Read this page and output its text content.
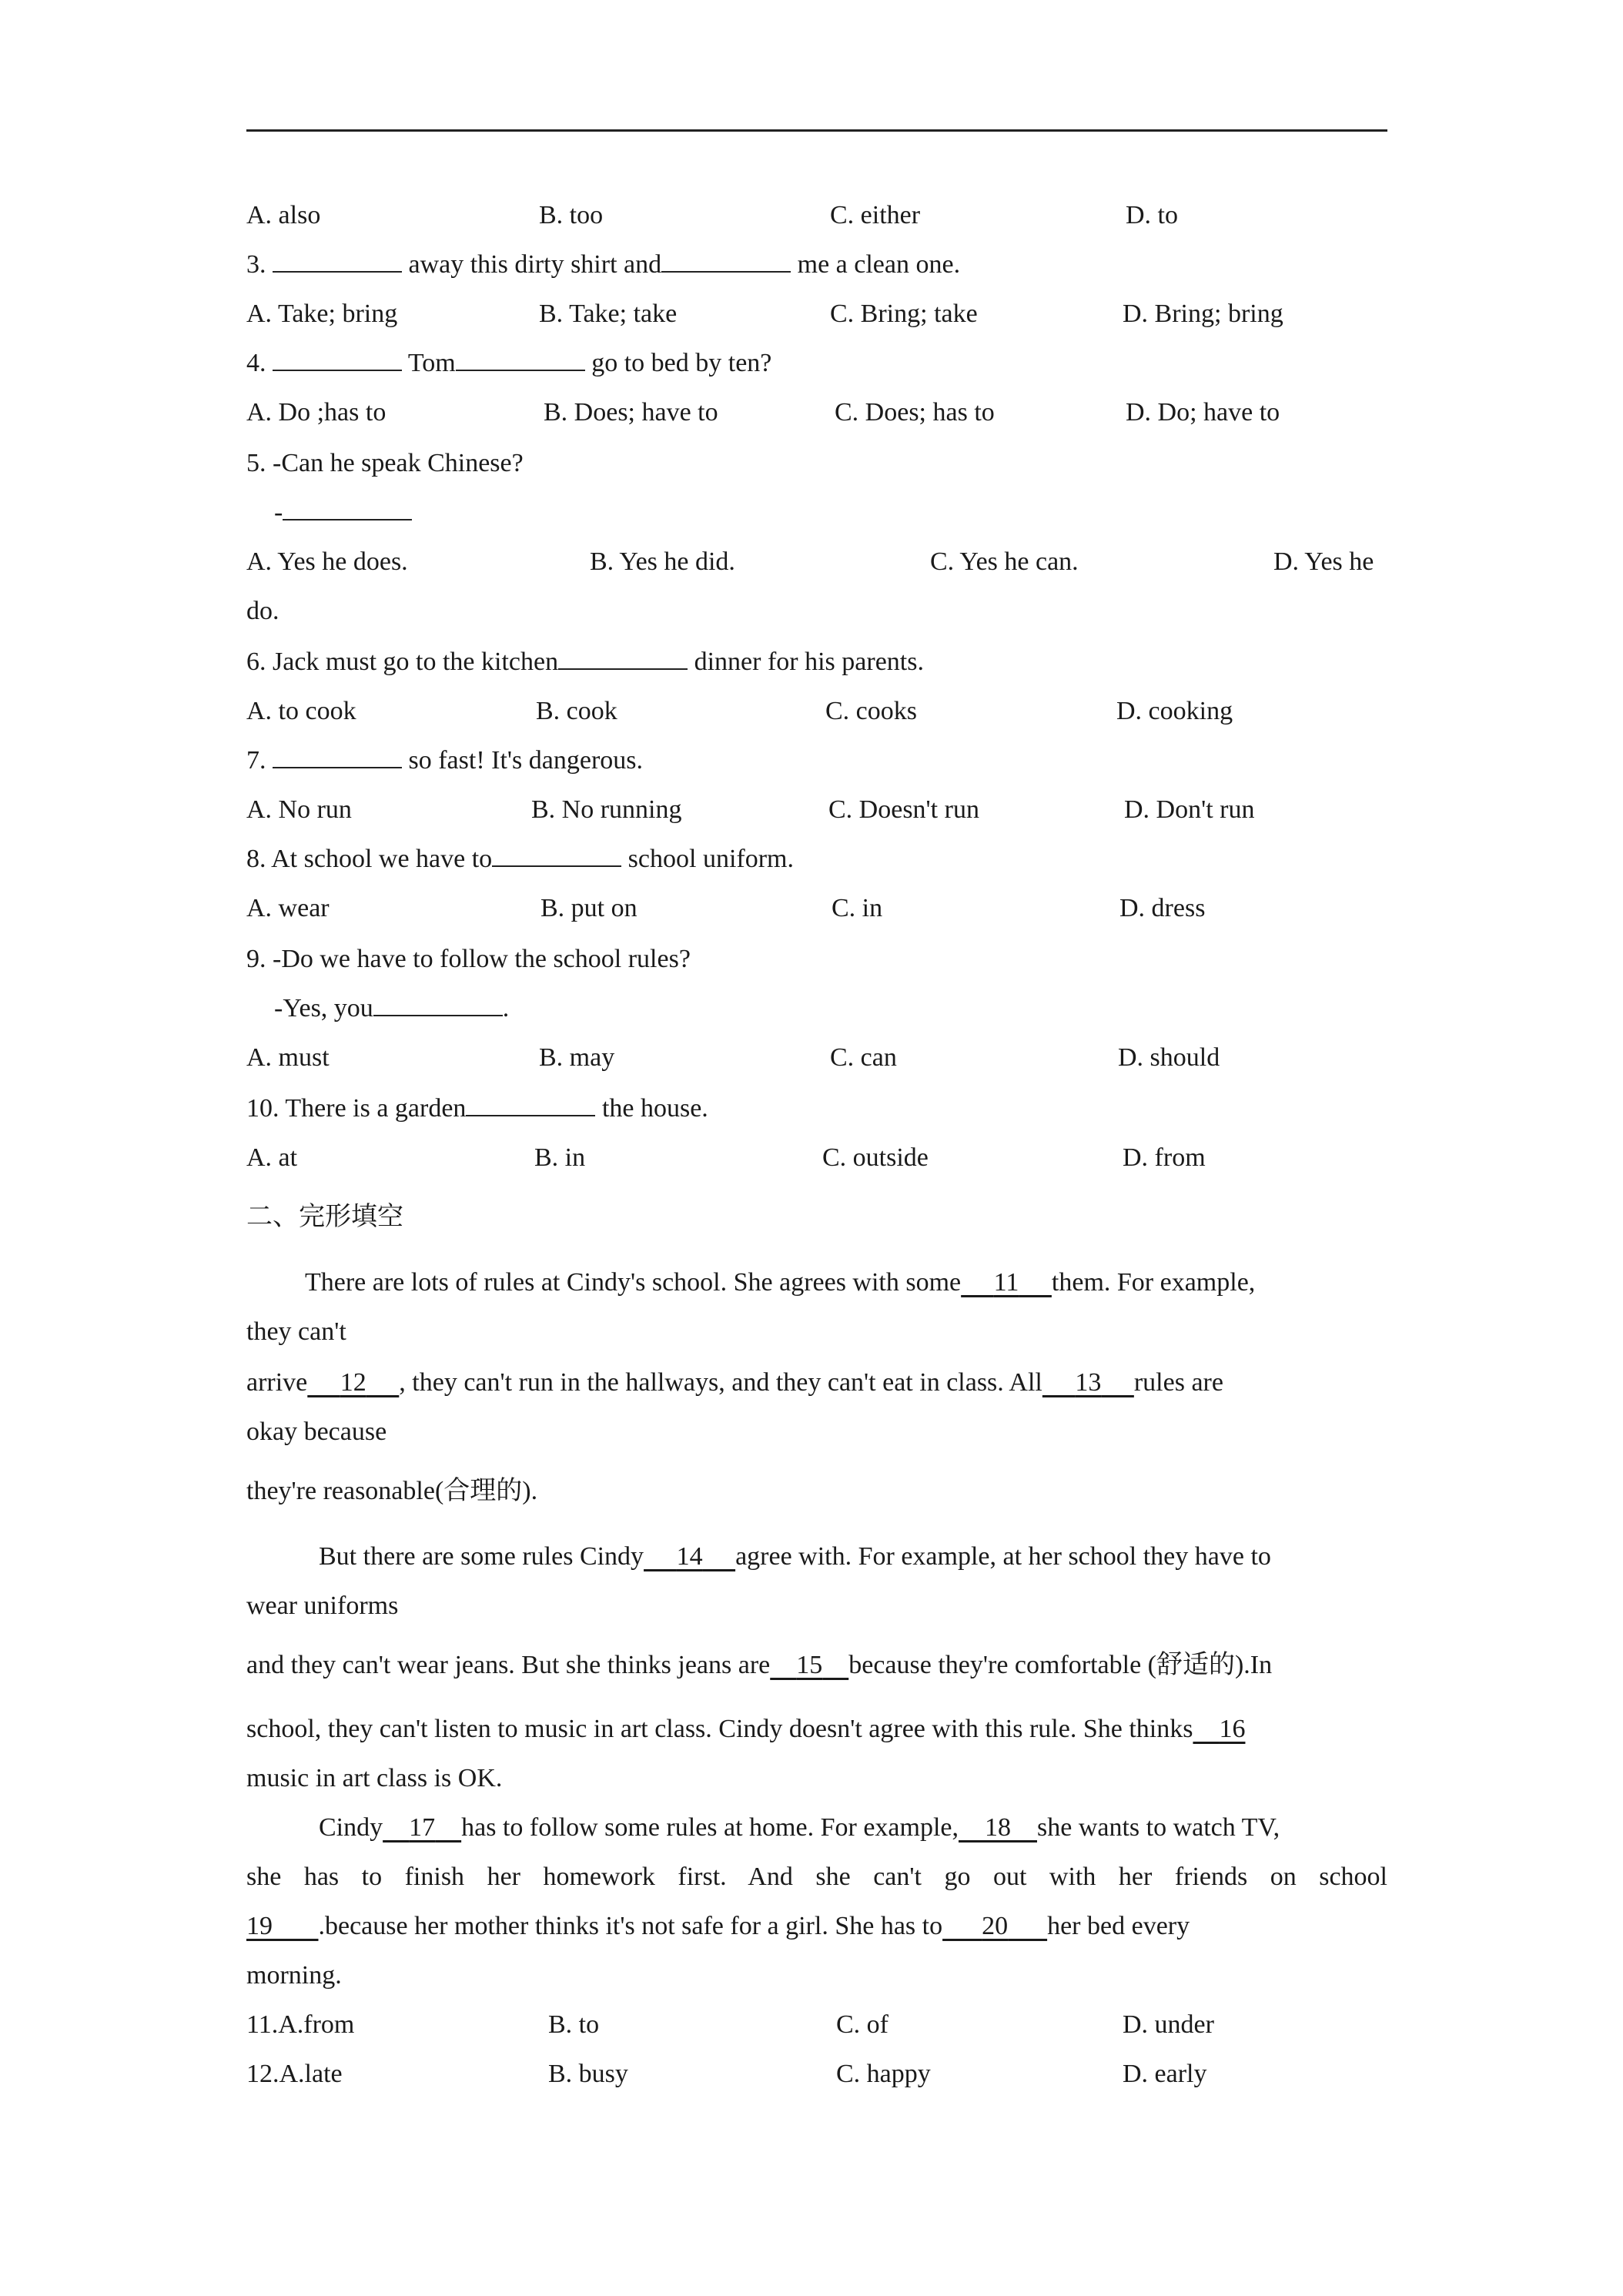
A. also	B. too	C. either	D. to
3.	away this dirty shirt and	me a clean one.
A. Take; bring	B. Take; take	C. Bring; take	D. Bring; bring
4.	Tom	go to bed by ten?
A. Do ;has to	B. Does; have to	C. Does; has to	D. Do; have to
5. -Can he speak Chinese?
-
A. Yes he does.	B. Yes he did.	C. Yes he can.	D. Yes he
do.
6. Jack must go to the kitchen	dinner for his parents.
A. to cook	B. cook	C. cooks	D. cooking
7.	so fast! It's dangerous.
A. No run	B. No running	C. Doesn't run	D. Don't run
8. At school we have to	school uniform.
A. wear	B. put on	C. in	D. dress
9. -Do we have to follow the school rules?
-Yes, you	.
A. must	B. may	C. can	D. should
10. There is a garden	the house.
A. at	B. in	C. outside	D. from
二、完形填空
There are lots of rules at Cindy's school. She agrees with some 11 them. For example,
they can't
arrive 12 , they can't run in the hallways, and they can't eat in class. All 13 rules are
okay because
they're reasonable(合理的).
But there are some rules Cindy 14 agree with. For example, at her school they have to
wear uniforms
and they can't wear jeans. But she thinks jeans are 15 because they're comfortable (舒适的).In
school, they can't listen to music in art class. Cindy doesn't agree with this rule. She thinks 16
music in art class is OK.
Cindy 17 has to follow some rules at home. For example, 18 she wants to watch TV,
she has to finish her homework first. And she can't go out with her friends on school
19 .because her mother thinks it's not safe for a girl. She has to 20 her bed every
morning.
11.A.from	B. to	C. of	D. under
12.A.late	B. busy	C. happy	D. early
